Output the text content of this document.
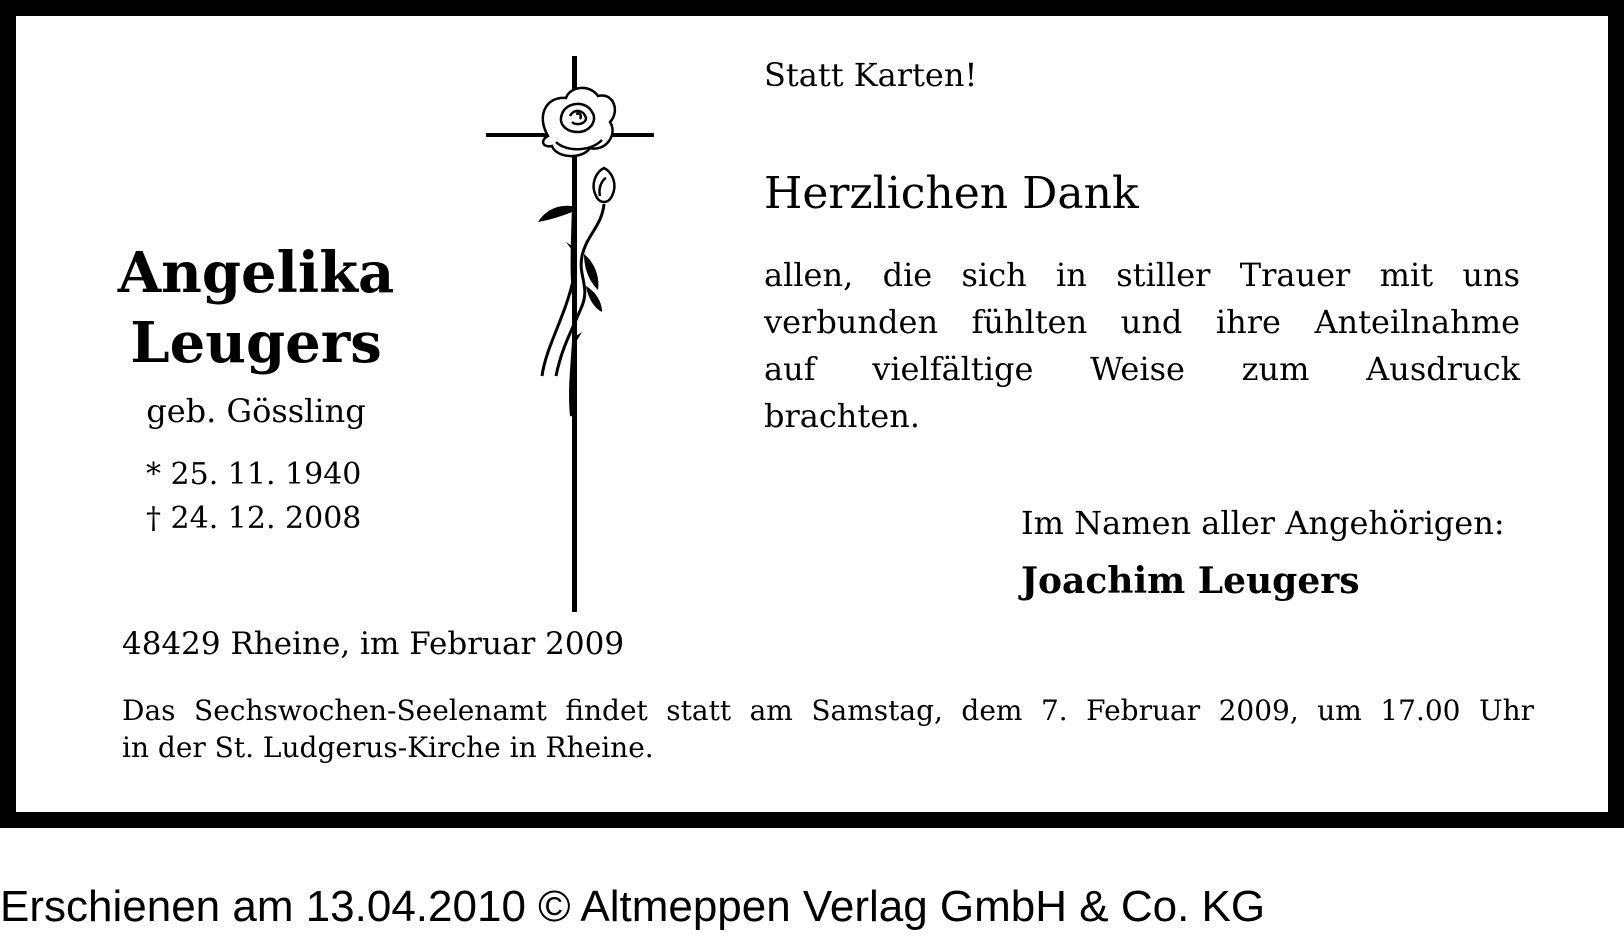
Angelika
Leugers
geb. Gössling
* 25. 11. 1940
† 24. 12. 2008
Statt Karten!
Herzlichen Dank
allen, die sich in stiller Trauer mit uns
verbunden fühlten und ihre Anteilnahme
auf vielfältige Weise zum Ausdruck
brachten.
Im Namen aller Angehörigen:
Joachim Leugers
48429 Rheine, im Februar 2009
Das Sechswochen-Seelenamt findet statt am Samstag, dem 7. Februar 2009, um 17.00 Uhr
in der St. Ludgerus-Kirche in Rheine.
Erschienen am 13.04.2010 © Altmeppen Verlag GmbH & Co. KG
